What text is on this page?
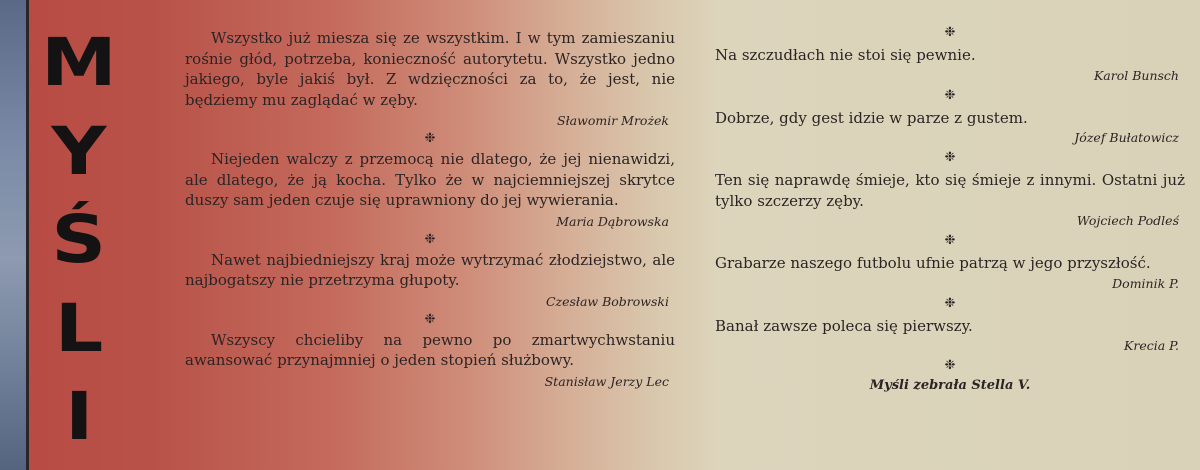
M
Y
Ś
L
I

Wszystko już miesza się ze wszystkim. I w tym zamieszaniu rośnie głód, potrzeba, konieczność autorytetu. Wszystko jedno jakiego, byle jakiś był. Z wdzięczności za to, że jest, nie będziemy mu zaglądać w zęby.

Sławomir Mrożek
❉

Niejeden walczy z przemocą nie dlatego, że jej nienawidzi, ale dlatego, że ją kocha. Tylko że w najciemniejszej skrytce duszy sam jeden czuje się uprawniony do jej wywierania.

Maria Dąbrowska
❉

Nawet najbiedniejszy kraj może wytrzymać złodziejstwo, ale najbogatszy nie przetrzyma głupoty.

Czesław Bobrowski
❉

Wszyscy chcieliby na pewno po zmartwychwstaniu awansować przynajmniej o jeden stopień służbowy.

Stanisław Jerzy Lec
❉

Na szczudłach nie stoi się pewnie.

Karol Bunsch
❉

Dobrze, gdy gest idzie w parze z gustem.

Józef Bułatowicz
❉

Ten się naprawdę śmieje, kto się śmieje z innymi. Ostatni już tylko szczerzy zęby.

Wojciech Podleś
❉

Grabarze naszego futbolu ufnie patrzą w jego przyszłość.

Dominik P.
❉

Banał zawsze poleca się pierwszy.

Krecia P.
❉
Myśli zebrała Stella V.
